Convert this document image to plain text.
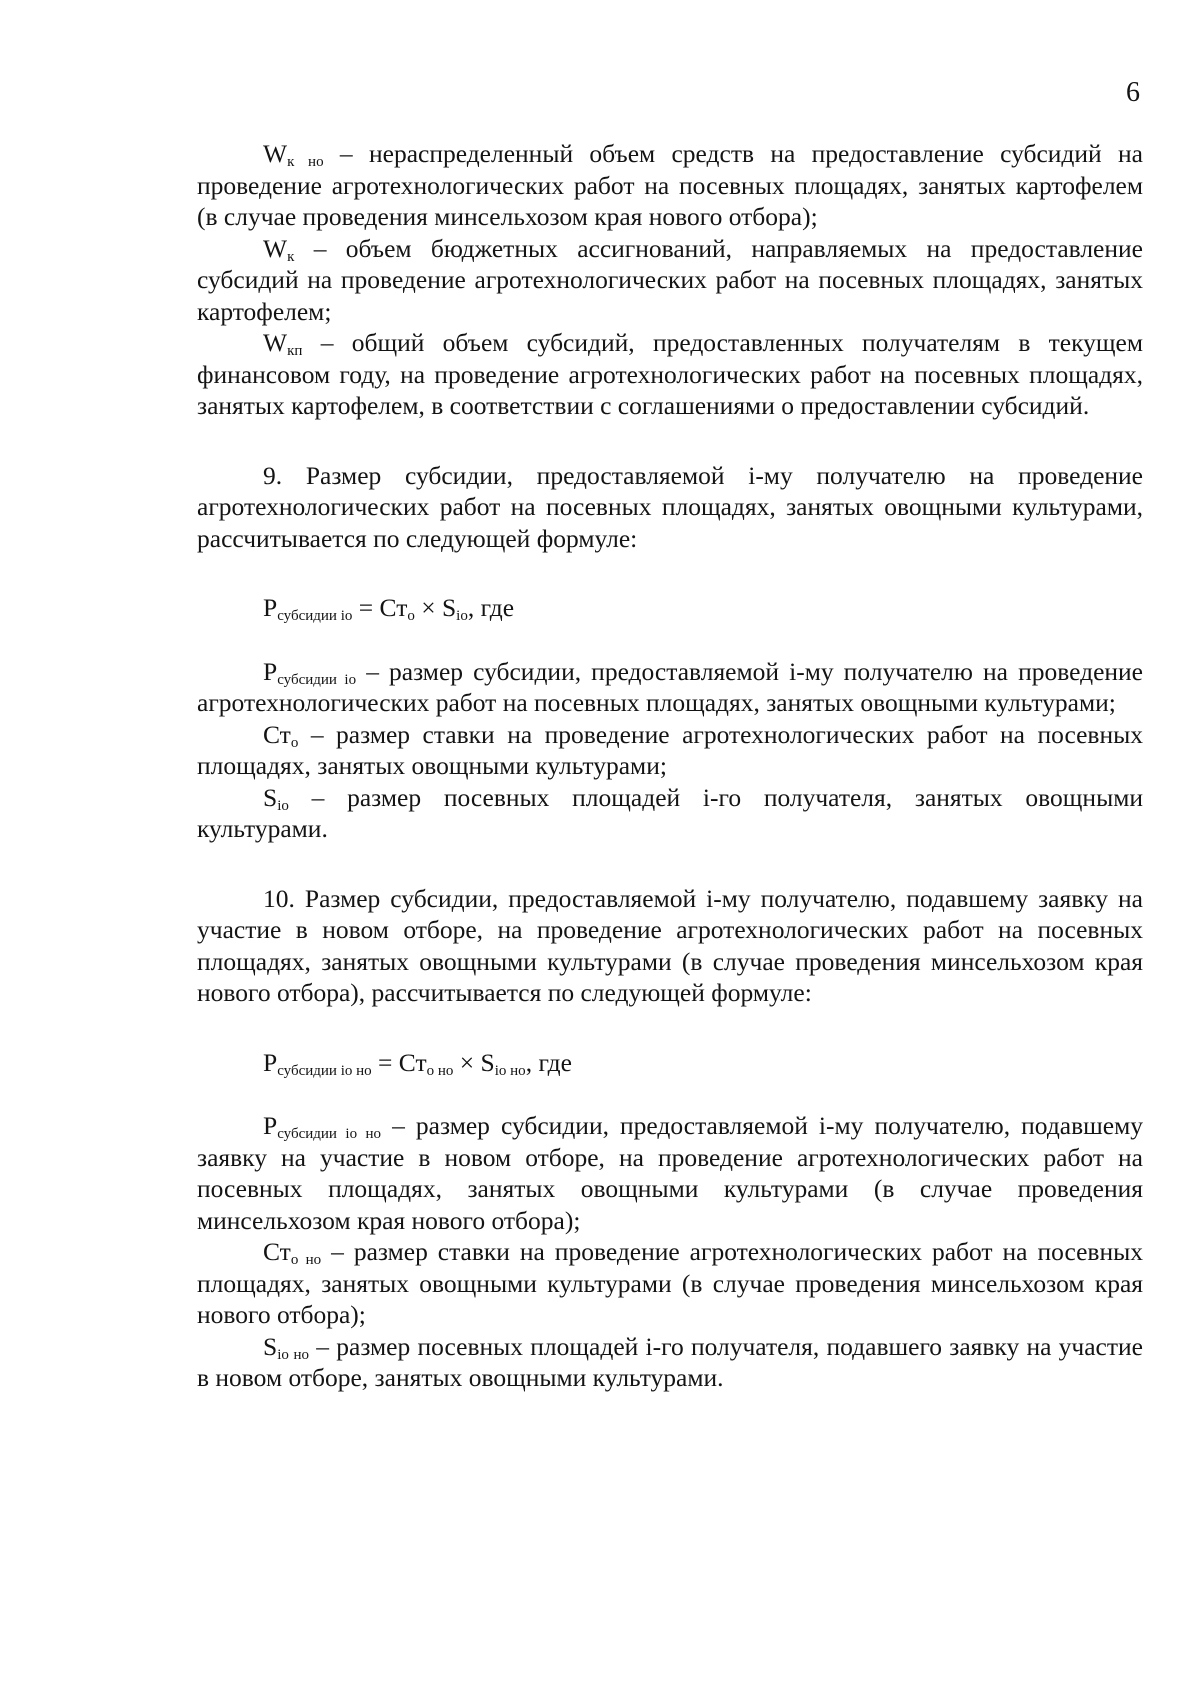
6

$W_{к но}$ – нераспределенный объем средств на предоставление субсидий на проведение агротехнологических работ на посевных площадях, занятых картофелем (в случае проведения минсельхозом края нового отбора);

$W_к$ – объем бюджетных ассигнований, направляемых на предоставление субсидий на проведение агротехнологических работ на посевных площадях, занятых картофелем;

$W_{кп}$ – общий объем субсидий, предоставленных получателям в текущем финансовом году, на проведение агротехнологических работ на посевных площадях, занятых картофелем, в соответствии с соглашениями о предоставлении субсидий.

9. Размер субсидии, предоставляемой i-му получателю на проведение агротехнологических работ на посевных площадях, занятых овощными культурами, рассчитывается по следующей формуле:

$P_{субсидии io} = Ст_o \times S_{io}$, где

$P_{субсидии io}$ – размер субсидии, предоставляемой i-му получателю на проведение агротехнологических работ на посевных площадях, занятых овощными культурами;

$Ст_o$ – размер ставки на проведение агротехнологических работ на посевных площадях, занятых овощными культурами;

$S_{io}$ – размер посевных площадей i-го получателя, занятых овощными культурами.

10. Размер субсидии, предоставляемой i-му получателю, подавшему заявку на участие в новом отборе, на проведение агротехнологических работ на посевных площадях, занятых овощными культурами (в случае проведения минсельхозом края нового отбора), рассчитывается по следующей формуле:

$P_{субсидии io но} = Ст_{o но} \times S_{io но}$, где

$P_{субсидии io но}$ – размер субсидии, предоставляемой i-му получателю, подавшему заявку на участие в новом отборе, на проведение агротехнологических работ на посевных площадях, занятых овощными культурами (в случае проведения минсельхозом края нового отбора);

$Ст_{o но}$ – размер ставки на проведение агротехнологических работ на посевных площадях, занятых овощными культурами (в случае проведения минсельхозом края нового отбора);

$S_{io но}$ – размер посевных площадей i-го получателя, подавшего заявку на участие в новом отборе, занятых овощными культурами.
